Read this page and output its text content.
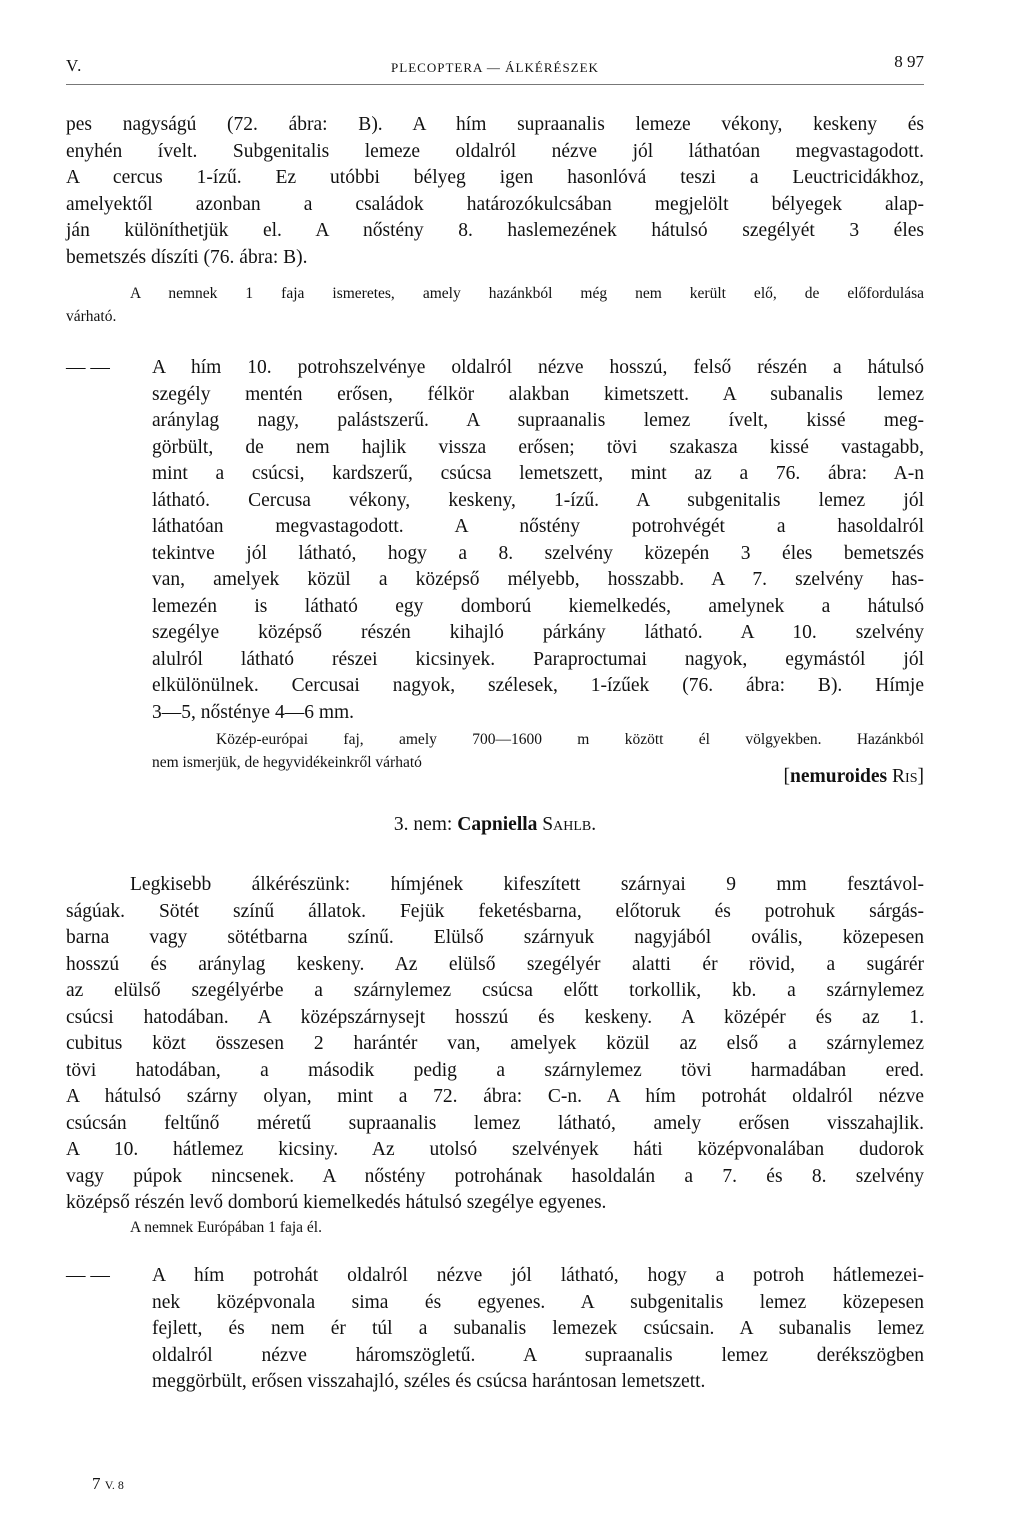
V.	PLECOPTERA — ÁLKÉRÉSZEK	8 97
pes nagyságú (72. ábra: B). A hím supraanalis lemeze vékony, keskeny és
enyhén ívelt. Subgenitalis lemeze oldalról nézve jól láthatóan megvastagodott.
A cercus 1-ízű. Ez utóbbi bélyeg igen hasonlóvá teszi a Leuctricidákhoz,
amelyektől azonban a családok határozókulcsában megjelölt bélyegek alap-
ján különíthetjük el. A nőstény 8. haslemezének hátulsó szegélyét 3 éles
bemetszés díszíti (76. ábra: B).
A nemnek 1 faja ismeretes, amely hazánkból még nem került elő, de előfordulása
várható.
— — A hím 10. potrohszelvénye oldalról nézve hosszú, felső részén a hátulsó
szegély mentén erősen, félkör alakban kimetszett. A subanalis lemez
aránylag nagy, palástszerű. A supraanalis lemez ívelt, kissé meg-
görbült, de nem hajlik vissza erősen; tövi szakasza kissé vastagabb,
mint a csúcsi, kardszerű, csúcsa lemetszett, mint az a 76. ábra: A-n
látható. Cercusa vékony, keskeny, 1-ízű. A subgenitalis lemez jól
láthatóan megvastagodott. A nőstény potrohvégét a hasoldalról
tekintve jól látható, hogy a 8. szelvény közepén 3 éles bemetszés
van, amelyek közül a középső mélyebb, hosszabb. A 7. szelvény has-
lemezén is látható egy domború kiemelkedés, amelynek a hátulsó
szegélye középső részén kihajló párkány látható. A 10. szelvény
alulról látható részei kicsinyek. Paraproctumai nagyok, egymástól jól
elkülönülnek. Cercusai nagyok, szélesek, 1-ízűek (76. ábra: B). Hímje
3—5, nősténye 4—6 mm.
Közép-európai faj, amely 700—1600 m között él völgyekben. Hazánkból
nem ismerjük, de hegyvidékeinkről várható
[nemuroides Ris]
3. nem: Capniella Sahlb.
Legkisebb álkérészünk: hímjének kifeszített szárnyai 9 mm fesztávol-
ságúak. Sötét színű állatok. Fejük feketésbarna, előtoruk és potrohuk sárgás-
barna vagy sötétbarna színű. Elülső szárnyuk nagyjából ovális, közepesen
hosszú és aránylag keskeny. Az elülső szegélyér alatti ér rövid, a sugárér
az elülső szegélyérbe a szárnylemez csúcsa előtt torkollik, kb. a szárnylemez
csúcsi hatodában. A középszárnysejt hosszú és keskeny. A középér és az 1.
cubitus közt összesen 2 harántér van, amelyek közül az első a szárnylemez
tövi hatodában, a második pedig a szárnylemez tövi harmadában ered.
A hátulsó szárny olyan, mint a 72. ábra: C-n. A hím potrohát oldalról nézve
csúcsán feltűnő méretű supraanalis lemez látható, amely erősen visszahajlik.
A 10. hátlemez kicsiny. Az utolsó szelvények háti középvonalában dudorok
vagy púpok nincsenek. A nőstény potrohának hasoldalán a 7. és 8. szelvény
középső részén levő domború kiemelkedés hátulsó szegélye egyenes.
A nemnek Európában 1 faja él.
— — A hím potrohát oldalról nézve jól látható, hogy a potroh hátlemezei-
nek középvonala sima és egyenes. A subgenitalis lemez közepesen
fejlett, és nem ér túl a subanalis lemezek csúcsain. A subanalis lemez
oldalról nézve háromszögletű. A supraanalis lemez derékszögben
meggörbült, erősen visszahajló, széles és csúcsa harántosan lemetszett.
7 V. 8
